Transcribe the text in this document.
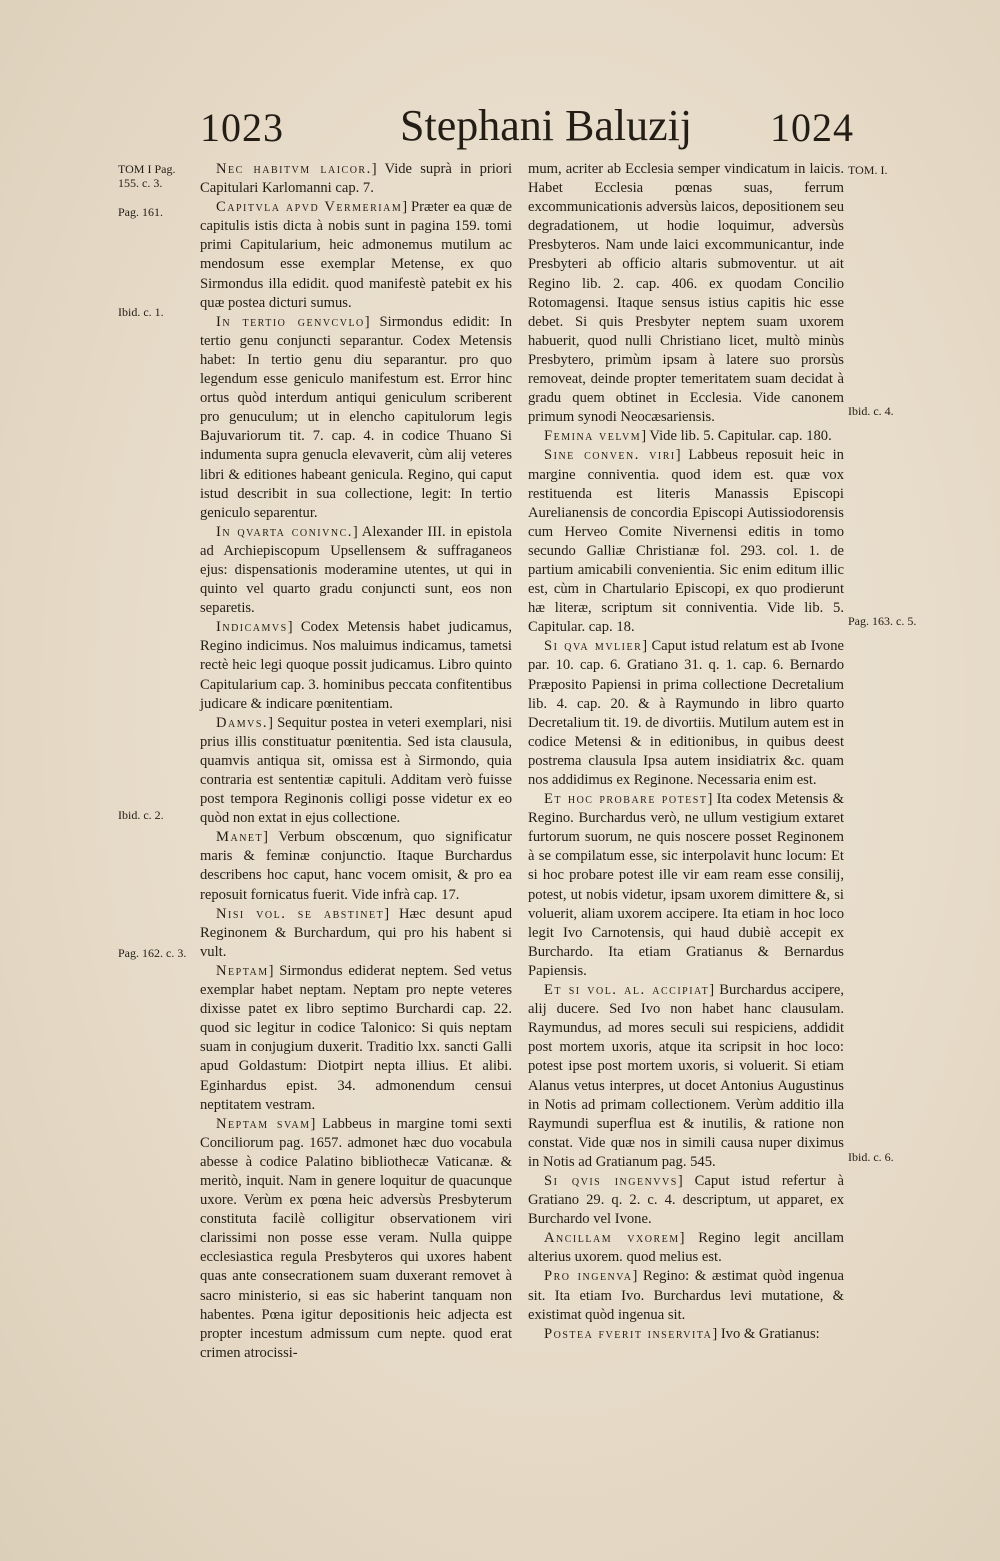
1023	Stephani Baluzij 1024
TOM I Pag. 155. c. 3.
Pag. 161.
Ibid. c. 1.
Ibid. c. 2.
Pag. 162. c. 3.
TOM. I.
Ibid. c. 4.
Pag. 163. c. 5.
Ibid. c. 6.

Nec habitvm laicor.] Vide suprà in priori Capitulari Karlomanni cap. 7.

Capitvla apvd Vermeriam] Præter ea quæ de capitulis istis dicta à nobis sunt in pagina 159. tomi primi Capitularium, heic admonemus mutilum ac mendosum esse exemplar Metense, ex quo Sirmondus illa edidit. quod manifestè patebit ex his quæ postea dicturi sumus.

In tertio genvcvlo] Sirmondus edidit: In tertio genu conjuncti separantur. Codex Metensis habet: In tertio genu diu separantur. pro quo legendum esse geniculo manifestum est. Error hinc ortus quòd interdum antiqui geniculum scriberent pro genuculum; ut in elencho capitulorum legis Bajuvariorum tit. 7. cap. 4. in codice Thuano Si indumenta supra genucla elevaverit, cùm alij veteres libri & editiones habeant genicula. Regino, qui caput istud describit in sua collectione, legit: In tertio geniculo separentur.

In qvarta conivnc.] Alexander III. in epistola ad Archiepiscopum Upsellensem & suffraganeos ejus: dispensationis moderamine utentes, ut qui in quinto vel quarto gradu conjuncti sunt, eos non separetis.

Indicamvs] Codex Metensis habet judicamus, Regino indicimus. Nos maluimus indicamus, tametsi rectè heic legi quoque possit judicamus. Libro quinto Capitularium cap. 3. hominibus peccata confitentibus judicare & indicare pœnitentiam.

Damvs.] Sequitur postea in veteri exemplari, nisi prius illis constituatur pœnitentia. Sed ista clausula, quamvis antiqua sit, omissa est à Sirmondo, quia contraria est sententiæ capituli. Additam verò fuisse post tempora Reginonis colligi posse videtur ex eo quòd non extat in ejus collectione.

Manet] Verbum obscœnum, quo significatur maris & feminæ conjunctio. Itaque Burchardus describens hoc caput, hanc vocem omisit, & pro ea reposuit fornicatus fuerit. Vide infrà cap. 17.

Nisi vol. se abstinet] Hæc desunt apud Reginonem & Burchardum, qui pro his habent si vult.

Neptam] Sirmondus ediderat neptem. Sed vetus exemplar habet neptam. Neptam pro nepte veteres dixisse patet ex libro septimo Burchardi cap. 22. quod sic legitur in codice Talonico: Si quis neptam suam in conjugium duxerit. Traditio lxx. sancti Galli apud Goldastum: Diotpirt nepta illius. Et alibi. Eginhardus epist. 34. admonendum censui neptitatem vestram.

Neptam svam] Labbeus in margine tomi sexti Conciliorum pag. 1657. admonet hæc duo vocabula abesse à codice Palatino bibliothecæ Vaticanæ. & meritò, inquit. Nam in genere loquitur de quacunque uxore. Verùm ex pœna heic adversùs Presbyterum constituta facilè colligitur observationem viri clarissimi non posse esse veram. Nulla quippe ecclesiastica regula Presbyteros qui uxores habent quas ante consecrationem suam duxerant removet à sacro ministerio, si eas sic haberint tanquam non habentes. Pœna igitur depositionis heic adjecta est propter incestum admissum cum nepte. quod erat crimen atrocissi-

mum, acriter ab Ecclesia semper vindicatum in laicis. Habet Ecclesia pœnas suas, ferrum excommunicationis adversùs laicos, depositionem seu degradationem, ut hodie loquimur, adversùs Presbyteros. Nam unde laici excommunicantur, inde Presbyteri ab officio altaris submoventur. ut ait Regino lib. 2. cap. 406. ex quodam Concilio Rotomagensi. Itaque sensus istius capitis hic esse debet. Si quis Presbyter neptem suam uxorem habuerit, quod nulli Christiano licet, multò minùs Presbytero, primùm ipsam à latere suo prorsùs removeat, deinde propter temeritatem suam decidat à gradu quem obtinet in Ecclesia. Vide canonem primum synodi Neocæsariensis.

Femina velvm] Vide lib. 5. Capitular. cap. 180.

Sine conven. viri] Labbeus reposuit heic in margine conniventia. quod idem est. quæ vox restituenda est literis Manassis Episcopi Aurelianensis de concordia Episcopi Autissiodorensis cum Herveo Comite Nivernensi editis in tomo secundo Galliæ Christianæ fol. 293. col. 1. de partium amicabili convenientia. Sic enim editum illic est, cùm in Chartulario Episcopi, ex quo prodierunt hæ literæ, scriptum sit conniventia. Vide lib. 5. Capitular. cap. 18.

Si qva mvlier] Caput istud relatum est ab Ivone par. 10. cap. 6. Gratiano 31. q. 1. cap. 6. Bernardo Præposito Papiensi in prima collectione Decretalium lib. 4. cap. 20. & à Raymundo in libro quarto Decretalium tit. 19. de divortiis. Mutilum autem est in codice Metensi & in editionibus, in quibus deest postrema clausula Ipsa autem insidiatrix &c. quam nos addidimus ex Reginone. Necessaria enim est.

Et hoc probare potest] Ita codex Metensis & Regino. Burchardus verò, ne ullum vestigium extaret furtorum suorum, ne quis noscere posset Reginonem à se compilatum esse, sic interpolavit hunc locum: Et si hoc probare potest ille vir eam ream esse consilij, potest, ut nobis videtur, ipsam uxorem dimittere &, si voluerit, aliam uxorem accipere. Ita etiam in hoc loco legit Ivo Carnotensis, qui haud dubiè accepit ex Burchardo. Ita etiam Gratianus & Bernardus Papiensis.

Et si vol. al. accipiat] Burchardus accipere, alij ducere. Sed Ivo non habet hanc clausulam. Raymundus, ad mores seculi sui respiciens, addidit post mortem uxoris, atque ita scripsit in hoc loco: potest ipse post mortem uxoris, si voluerit. Si etiam Alanus vetus interpres, ut docet Antonius Augustinus in Notis ad primam collectionem. Verùm additio illa Raymundi superflua est & inutilis, & ratione non constat. Vide quæ nos in simili causa nuper diximus in Notis ad Gratianum pag. 545.

Si qvis ingenvvs] Caput istud refertur à Gratiano 29. q. 2. c. 4. descriptum, ut apparet, ex Burchardo vel Ivone.

Ancillam vxorem] Regino legit ancillam alterius uxorem. quod melius est.

Pro ingenva] Regino: & æstimat quòd ingenua sit. Ita etiam Ivo. Burchardus levi mutatione, & existimat quòd ingenua sit.

Postea fverit inservita] Ivo & Gratianus:
